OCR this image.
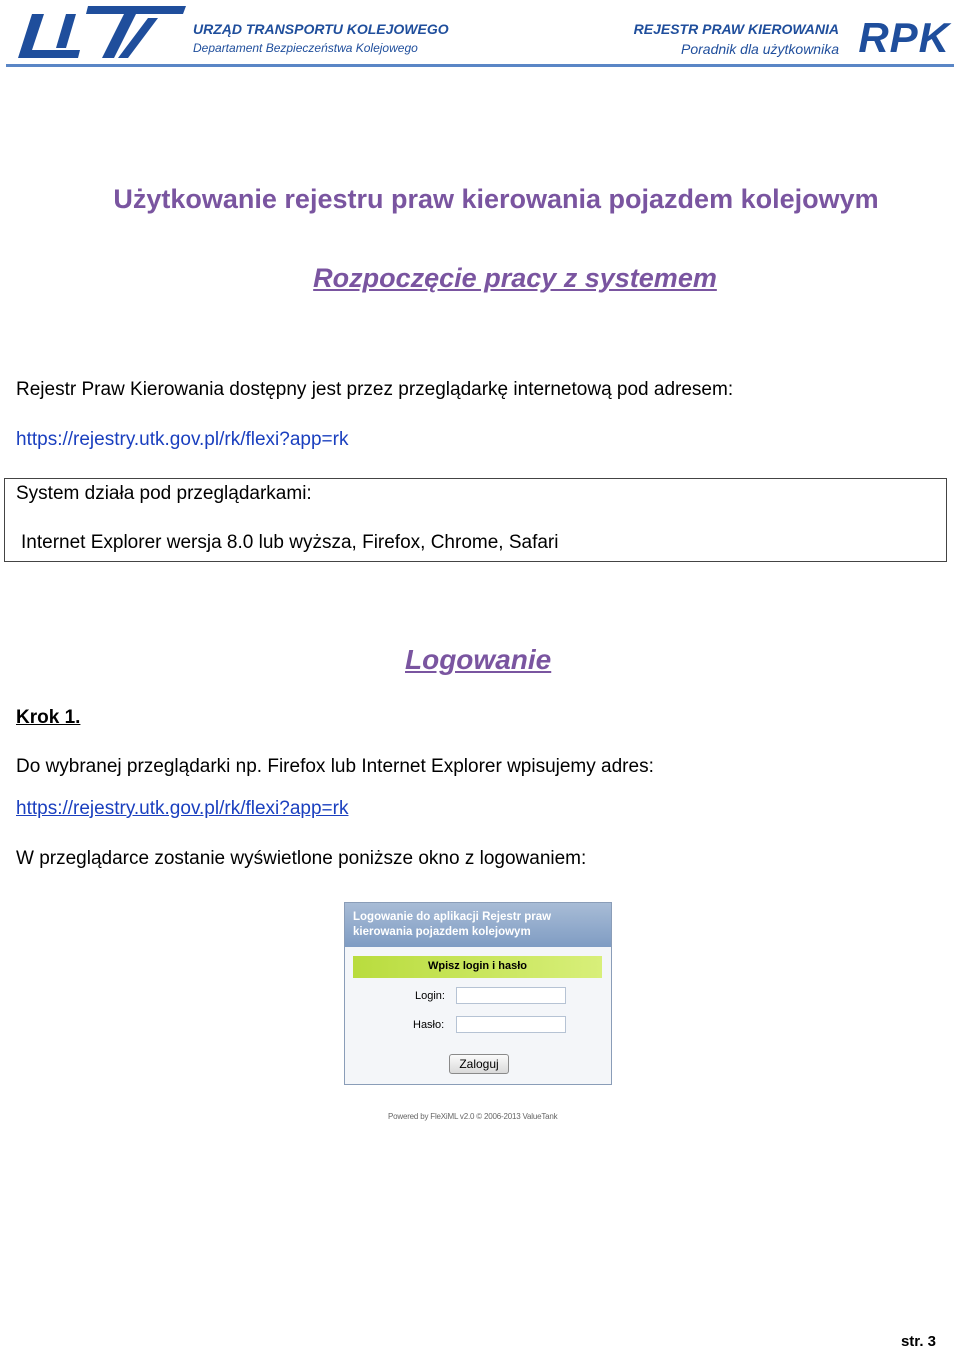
URZĄD TRANSPORTU KOLEJOWEGO
Departament Bezpieczeństwa Kolejowego
REJESTR PRAW KIEROWANIA
Poradnik dla użytkownika RPK
Użytkowanie rejestru praw kierowania pojazdem kolejowym
Rozpoczęcie pracy z systemem
Rejestr Praw Kierowania dostępny jest przez przeglądarkę internetową pod adresem:
https://rejestry.utk.gov.pl/rk/flexi?app=rk
System działa pod przeglądarkami:
Internet Explorer wersja 8.0 lub wyższa, Firefox, Chrome, Safari
Logowanie
Krok 1.
Do wybranej przeglądarki np. Firefox lub Internet Explorer wpisujemy adres:
https://rejestry.utk.gov.pl/rk/flexi?app=rk
W przeglądarce zostanie wyświetlone poniższe okno z logowaniem:
Logowanie do aplikacji Rejestr praw kierowania pojazdem kolejowym
Wpisz login i hasło
Login:
Hasło:
Zaloguj
Powered by FleXiML v2.0 © 2006-2013 ValueTank
str. 3
